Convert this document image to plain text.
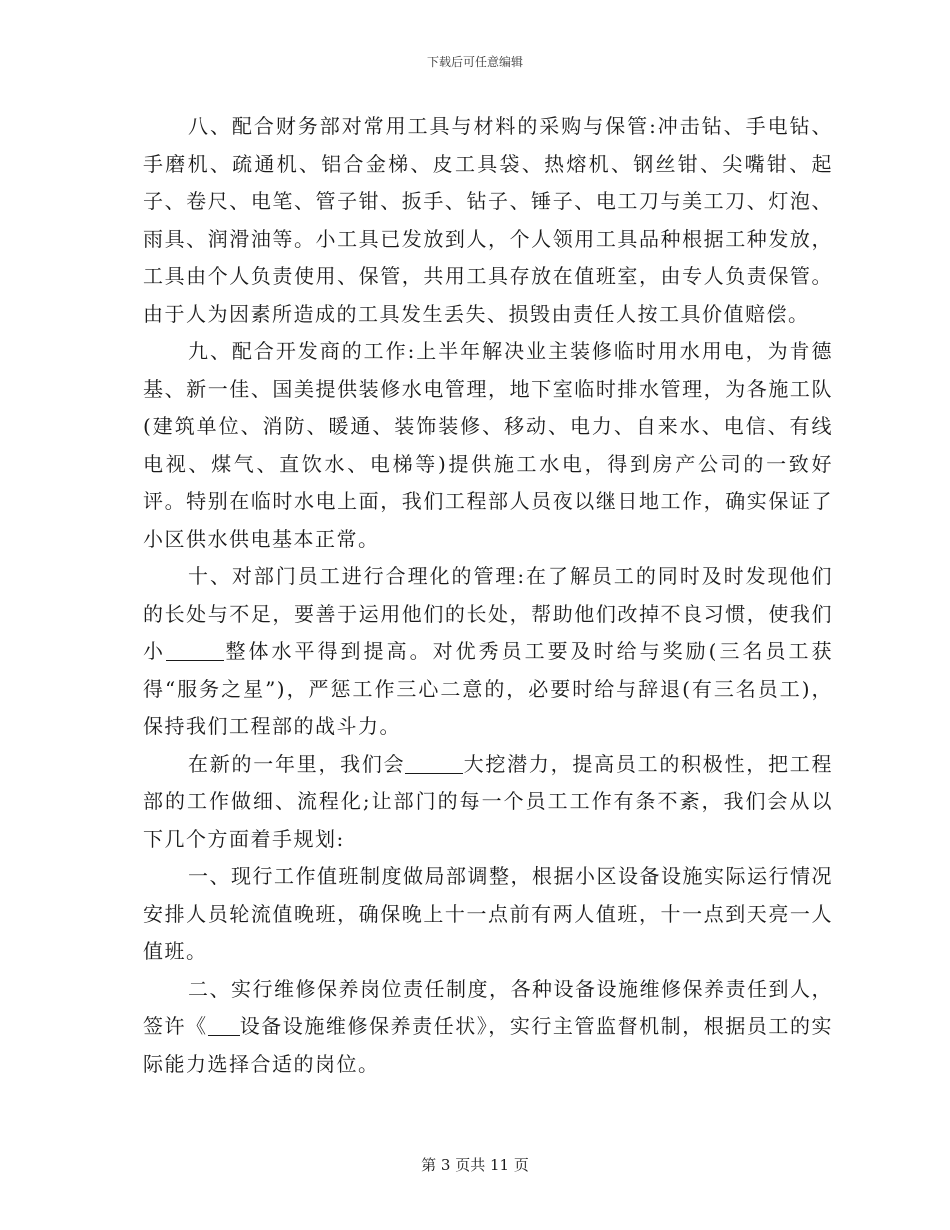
下载后可任意编辑

八、配合财务部对常用工具与材料的采购与保管:冲击钻、手电钻、手磨机、疏通机、铝合金梯、皮工具袋、热熔机、钢丝钳、尖嘴钳、起子、卷尺、电笔、管子钳、扳手、钻子、锤子、电工刀与美工刀、灯泡、雨具、润滑油等。小工具已发放到人，个人领用工具品种根据工种发放，工具由个人负责使用、保管，共用工具存放在值班室，由专人负责保管。由于人为因素所造成的工具发生丢失、损毁由责任人按工具价值赔偿。

九、配合开发商的工作:上半年解决业主装修临时用水用电，为肯德基、新一佳、国美提供装修水电管理，地下室临时排水管理，为各施工队(建筑单位、消防、暖通、装饰装修、移动、电力、自来水、电信、有线电视、煤气、直饮水、电梯等)提供施工水电，得到房产公司的一致好评。特别在临时水电上面，我们工程部人员夜以继日地工作，确实保证了小区供水供电基本正常。

十、对部门员工进行合理化的管理:在了解员工的同时及时发现他们的长处与不足，要善于运用他们的长处，帮助他们改掉不良习惯，使我们小	整体水平得到提高。对优秀员工要及时给与奖励(三名员工获得“服务之星”)，严惩工作三心二意的，必要时给与辞退(有三名员工)，保持我们工程部的战斗力。

在新的一年里，我们会	大挖潜力，提高员工的积极性，把工程部的工作做细、流程化;让部门的每一个员工工作有条不紊，我们会从以下几个方面着手规划:

一、现行工作值班制度做局部调整，根据小区设备设施实际运行情况安排人员轮流值晚班，确保晚上十一点前有两人值班，十一点到天亮一人值班。

二、实行维修保养岗位责任制度，各种设备设施维修保养责任到人，签许《 设备设施维修保养责任状》，实行主管监督机制，根据员工的实际能力选择合适的岗位。

第 3 页共 11 页
